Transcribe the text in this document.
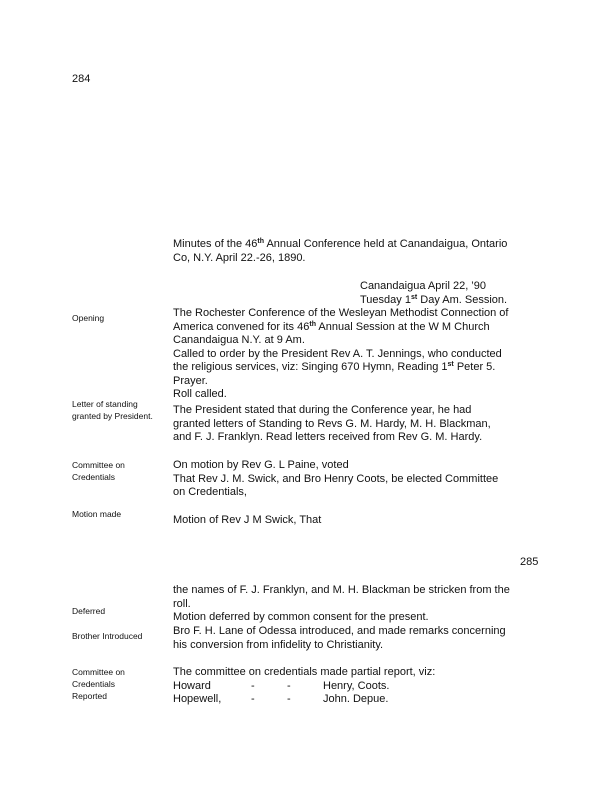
284
Minutes of the 46th Annual Conference held at Canandaigua, Ontario
Co, N.Y. April 22.-26, 1890.
Canandaigua April 22, ’90
Tuesday 1st Day Am. Session.
Opening	The Rochester Conference of the Wesleyan Methodist Connection of
America convened for its 46th Annual Session at the W M Church
Canandaigua N.Y. at 9 Am.
Called to order by the President Rev A. T. Jennings, who conducted
the religious services, viz: Singing 670 Hymn, Reading 1st Peter 5.
Prayer.
Roll called.
Letter of standing granted by President.	The President stated that during the Conference year, he had
granted letters of Standing to Revs G. M. Hardy, M. H. Blackman,
and F. J. Franklyn. Read letters received from Rev G. M. Hardy.
Committee on Credentials
On motion by Rev G. L Paine, voted
That Rev J. M. Swick, and Bro Henry Coots, be elected Committee
on Credentials,
Motion made	Motion of Rev J M Swick, That
285
the names of F. J. Franklyn, and M. H. Blackman be stricken from the
roll.
Motion deferred by common consent for the present.
Deferred
Brother Introduced	Bro F. H. Lane of Odessa introduced, and made remarks concerning
his conversion from infidelity to Christianity.
Committee on Credentials Reported
The committee on credentials made partial report, viz:
Howard	-	-	Henry, Coots.
Hopewell,	-	-	John. Depue.
